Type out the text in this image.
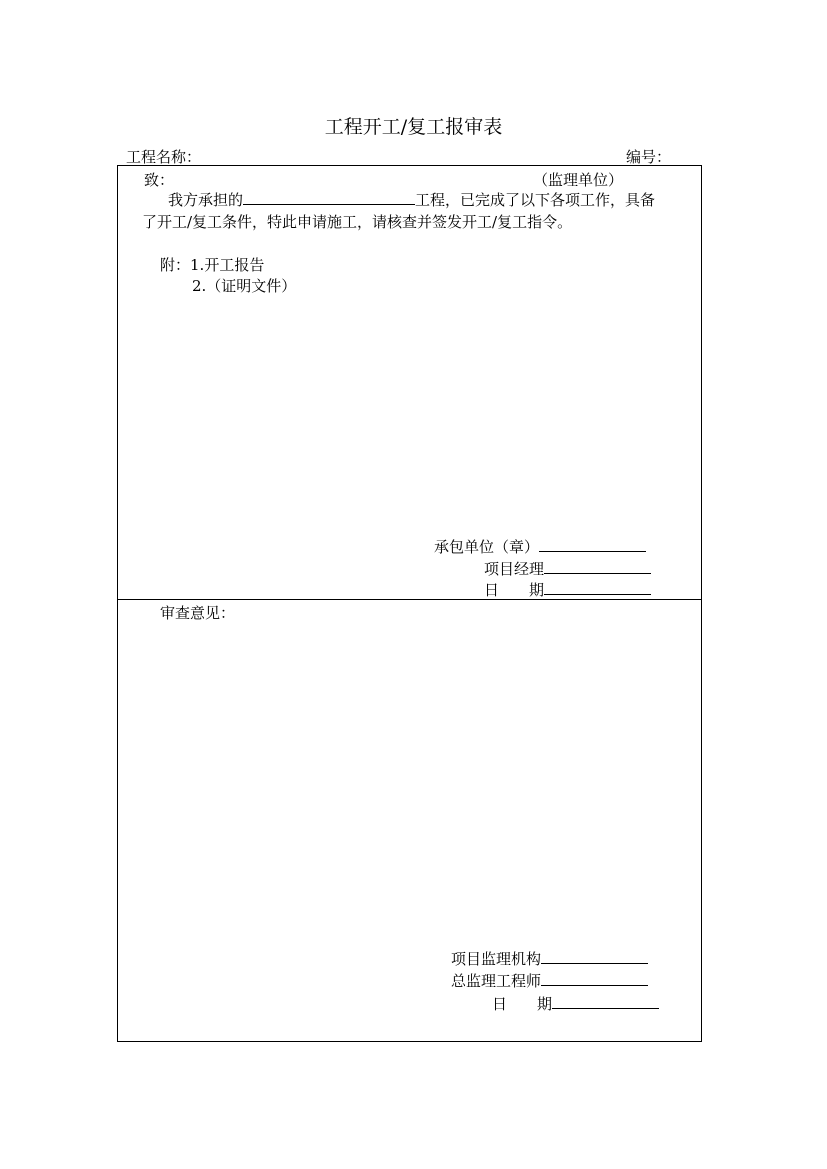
工程开工/复工报审表
工程名称：	编号：
致：	（监理单位）
我方承担的	工程，已完成了以下各项工作，具备
了开工/复工条件，特此申请施工，请核查并签发开工/复工指令。
附：1.开工报告
2.（证明文件）
承包单位（章）
项目经理
日　　期
审查意见：
项目监理机构
总监理工程师
日　　期
